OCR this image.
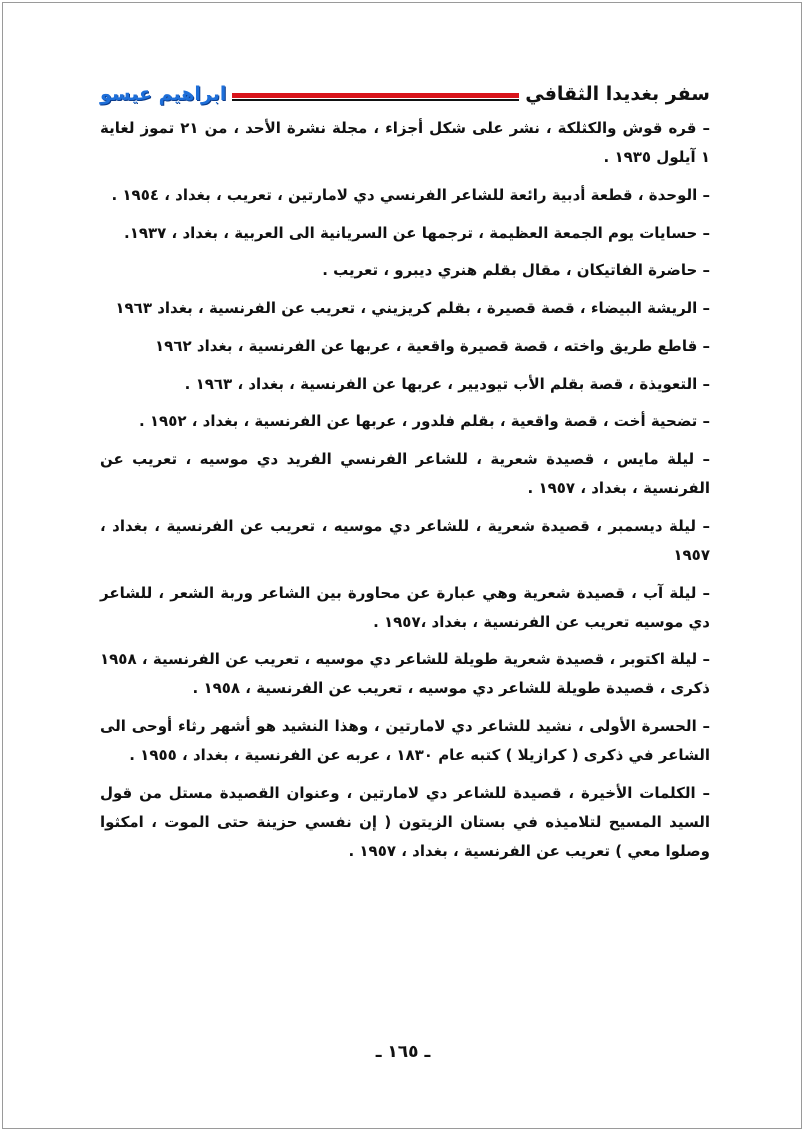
سفر بغديدا الثقافي
ابراهيم عيسو

– قره قوش والكثلكة ، نشر على شكل أجزاء ، مجلة نشرة الأحد ، من ٢١ تموز لغاية ١ آيلول ١٩٣٥ .

– الوحدة ، قطعة أدبية رائعة للشاعر الفرنسي دي لامارتين ، تعريب ، بغداد ، ١٩٥٤ .

– حسايات يوم الجمعة العظيمة ، ترجمها عن السريانية الى العربية ، بغداد ، ١٩٣٧.

– حاضرة الفاتيكان ، مقال بقلم هنري ديبرو ، تعريب .

– الريشة البيضاء ، قصة قصيرة ، بقلم كريزيني ، تعريب عن الفرنسية ، بغداد ١٩٦٣

– قاطع طريق واخته ، قصة قصيرة واقعية ، عربها عن الفرنسية ، بغداد ١٩٦٢

– التعويذة ، قصة بقلم الأب تيوديير ، عربها عن الفرنسية ، بغداد ، ١٩٦٣ .

– تضحية أخت ، قصة واقعية ، بقلم فلدور ، عربها عن الفرنسية ، بغداد ، ١٩٥٢ .

– ليلة مايس ، قصيدة شعرية ، للشاعر الفرنسي الفريد دي موسيه ، تعريب عن الفرنسية ، بغداد ، ١٩٥٧ .

– ليلة ديسمبر ، قصيدة شعرية ، للشاعر دي موسيه ، تعريب عن الفرنسية ، بغداد ، ١٩٥٧

– ليلة آب ، قصيدة شعرية وهي عبارة عن محاورة بين الشاعر وربة الشعر ، للشاعر دي موسيه تعريب عن الفرنسية ، بغداد ،١٩٥٧ .

– ليلة اكتوبر ، قصيدة شعرية طويلة للشاعر دي موسيه ، تعريب عن الفرنسية ، ١٩٥٨ ذكرى ، قصيدة طويلة للشاعر دي موسيه ، تعريب عن الفرنسية ، ١٩٥٨ .

– الحسرة الأولى ، نشيد للشاعر دي لامارتين ، وهذا النشيد هو أشهر رثاء أوحى الى الشاعر في ذكرى ( كرازيلا ) كتبه عام ١٨٣٠ ، عربه عن الفرنسية ، بغداد ، ١٩٥٥ .

– الكلمات الأخيرة ، قصيدة للشاعر دي لامارتين ، وعنوان القصيدة مستل من قول السيد المسيح لتلاميذه في بستان الزيتون ( إن نفسي حزينة حتى الموت ، امكثوا وصلوا معي ) تعريب عن الفرنسية ، بغداد ، ١٩٥٧ .

ـ ١٦٥ ـ
